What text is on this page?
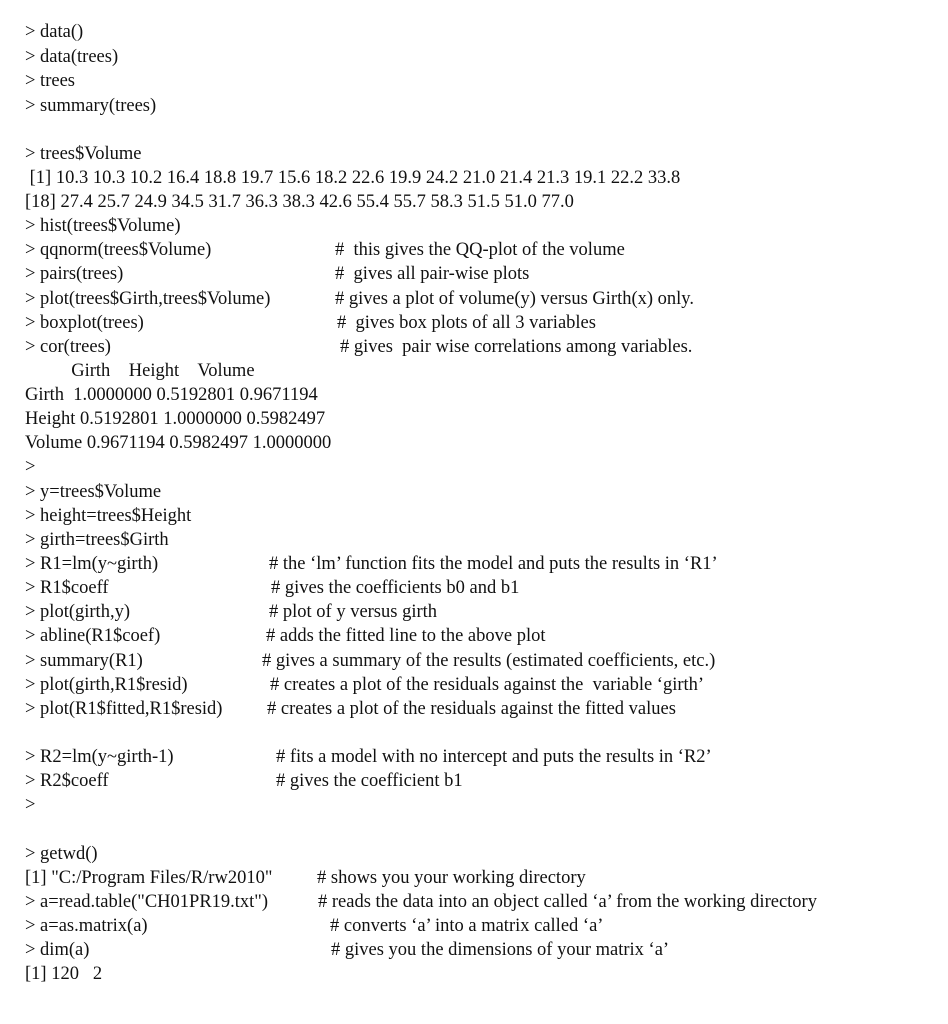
> data()
> data(trees)
> trees
> summary(trees)
> trees$Volume
[1] 10.3 10.3 10.2 16.4 18.8 19.7 15.6 18.2 22.6 19.9 24.2 21.0 21.4 21.3 19.1 22.2 33.8
[18] 27.4 25.7 24.9 34.5 31.7 36.3 38.3 42.6 55.4 55.7 58.3 51.5 51.0 77.0
> hist(trees$Volume)
> qqnorm(trees$Volume)	#  this gives the QQ-plot of the volume
> pairs(trees)	#  gives all pair-wise plots
> plot(trees$Girth,trees$Volume)	# gives a plot of volume(y) versus Girth(x) only.
> boxplot(trees)	#  gives box plots of all 3 variables
> cor(trees)	# gives  pair wise correlations among variables.
Girth    Height    Volume
Girth  1.0000000 0.5192801 0.9671194
Height 0.5192801 1.0000000 0.5982497
Volume 0.9671194 0.5982497 1.0000000
>
> y=trees$Volume
> height=trees$Height
> girth=trees$Girth
> R1=lm(y~girth)	# the ‘lm’ function fits the model and puts the results in ‘R1’
> R1$coeff	# gives the coefficients b0 and b1
> plot(girth,y)	# plot of y versus girth
> abline(R1$coef)	# adds the fitted line to the above plot
> summary(R1)	# gives a summary of the results (estimated coefficients, etc.)
> plot(girth,R1$resid)	# creates a plot of the residuals against the  variable ‘girth’
> plot(R1$fitted,R1$resid) # creates a plot of the residuals against the fitted values
> R2=lm(y~girth-1)	# fits a model with no intercept and puts the results in ‘R2’
> R2$coeff	# gives the coefficient b1
>
> getwd()
[1] "C:/Program Files/R/rw2010" # shows you your working directory
> a=read.table("CH01PR19.txt")	# reads the data into an object called ‘a’ from the working directory
> a=as.matrix(a)	# converts ‘a’ into a matrix called ‘a’
> dim(a)	# gives you the dimensions of your matrix ‘a’
[1] 120   2
